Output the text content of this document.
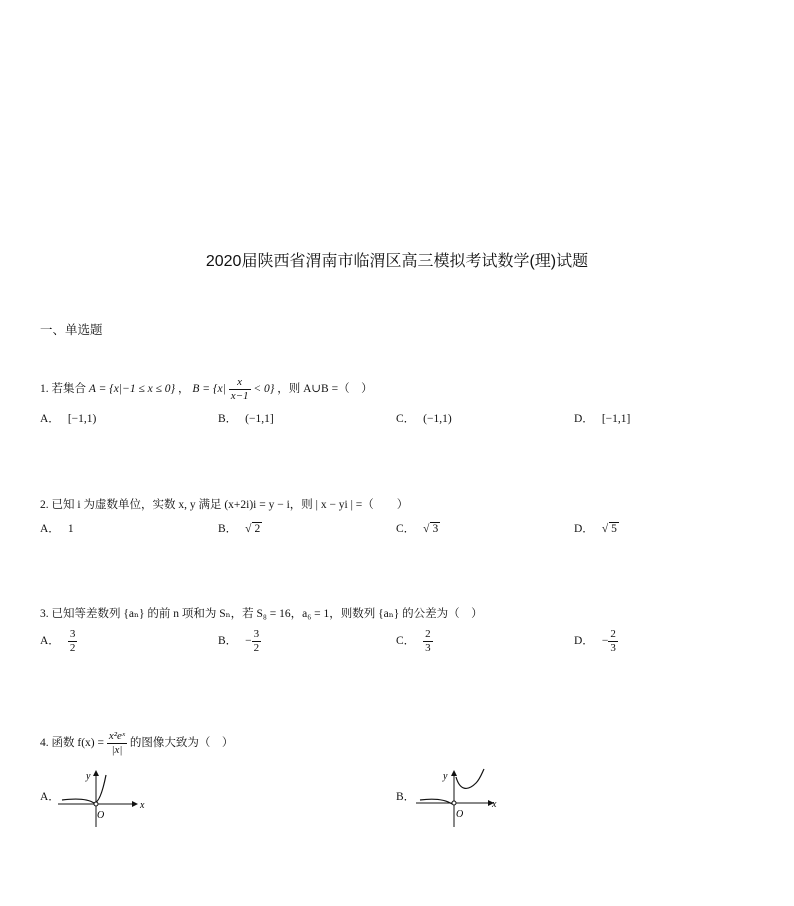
2020届陕西省渭南市临渭区高三模拟考试数学(理)试题
一、单选题
1. 若集合 A = {x|−1 ≤ x ≤ 0} ， $B = \{x| \frac{x}{x-1} < 0\}$ ，则 A∪B =（　）
A． [−1,1)	B． (−1,1]	C． (−1,1)	D． [−1,1]
2. 已知 i 为虚数单位，实数 x, y 满足 (x+2i)i = y − i，则 | x − yi | =（　　）
A． 1	B． √ 2	C． √ 3	D． √ 5
3. 已知等差数列 {aₙ} 的前 n 项和为 Sₙ，若 S₈ = 16，a₆ = 1，则数列 {aₙ} 的公差为（　）
A． $\frac{3}{2}$	B． − $\frac{3}{2}$	C． $\frac{2}{3}$	D． − $\frac{2}{3}$
4. 函数 $f(x) = \frac{\text{x²eˣ}}{|x|}$ 的图像大致为（　）
A．
x
y
O
B．
x
y
O
